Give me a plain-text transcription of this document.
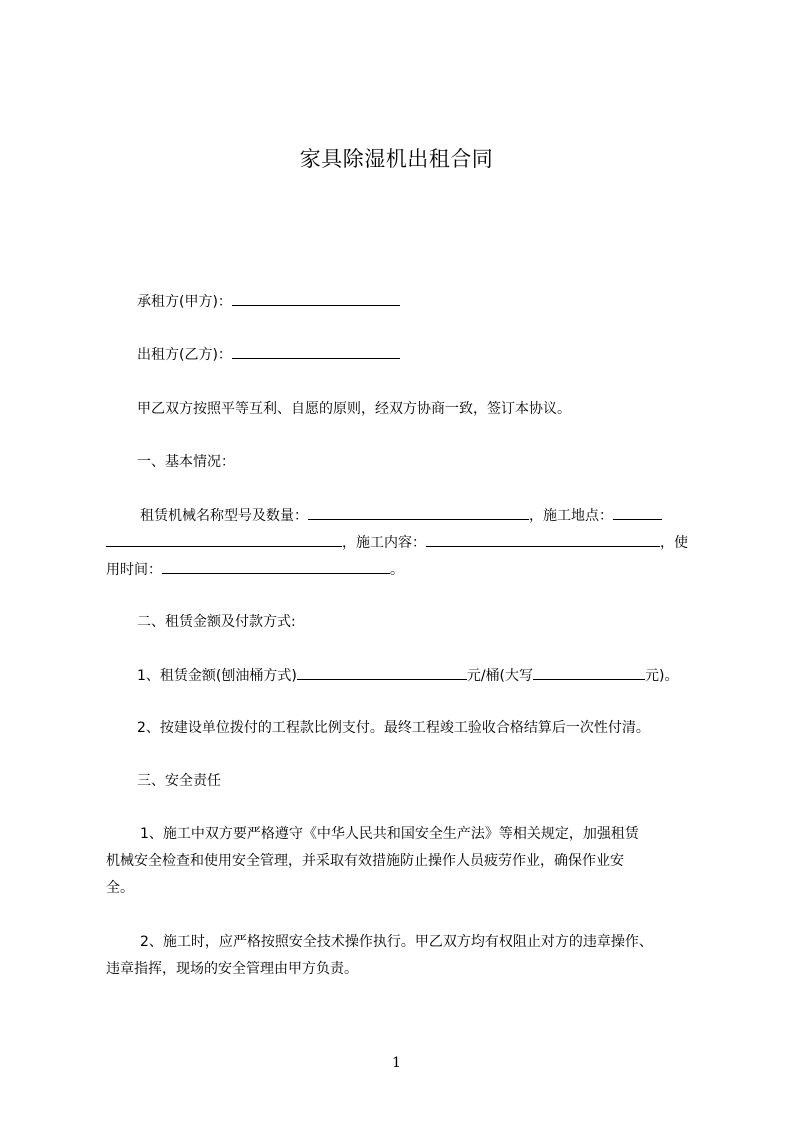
家具除湿机出租合同
承租方(甲方)：
出租方(乙方)：
甲乙双方按照平等互利、自愿的原则，经双方协商一致，签订本协议。
一、基本情况：
租赁机械名称型号及数量：	，施工地点：
，施工内容：	，使
用时间：	。
二、租赁金额及付款方式:
1、租赁金额(刨油桶方式)	元/桶(大写	元)。
2、按建设单位拨付的工程款比例支付。最终工程竣工验收合格结算后一次性付清。
三、安全责任
1、施工中双方要严格遵守《中华人民共和国安全生产法》等相关规定，加强租赁
机械安全检查和使用安全管理，并采取有效措施防止操作人员疲劳作业，确保作业安
全。
2、施工时，应严格按照安全技术操作执行。甲乙双方均有权阻止对方的违章操作、
违章指挥，现场的安全管理由甲方负责。
1
